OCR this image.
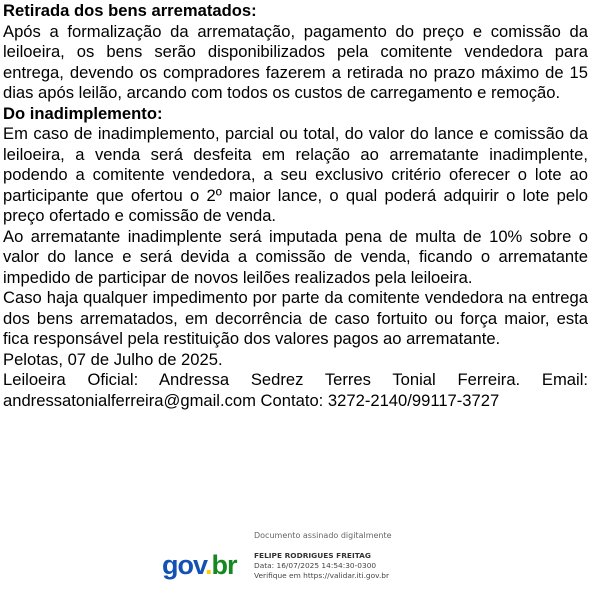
Retirada dos bens arrematados:

Após a formalização da arrematação, pagamento do preço e comissão da leiloeira, os bens serão disponibilizados pela comitente vendedora para entrega, devendo os compradores fazerem a retirada no prazo máximo de 15 dias após leilão, arcando com todos os custos de carregamento e remoção.

Do inadimplemento:

Em caso de inadimplemento, parcial ou total, do valor do lance e comissão da leiloeira, a venda será desfeita em relação ao arrematante inadimplente, podendo a comitente vendedora, a seu exclusivo critério oferecer o lote ao participante que ofertou o 2º maior lance, o qual poderá adquirir o lote pelo preço ofertado e comissão de venda.

Ao arrematante inadimplente será imputada pena de multa de 10% sobre o valor do lance e será devida a comissão de venda, ficando o arrematante impedido de participar de novos leilões realizados pela leiloeira.

Caso haja qualquer impedimento por parte da comitente vendedora na entrega dos bens arrematados, em decorrência de caso fortuito ou força maior, esta fica responsável pela restituição dos valores pagos ao arrematante.

Pelotas, 07 de Julho de 2025.

Leiloeira Oficial: Andressa Sedrez Terres Tonial Ferreira. Email: andressatonialferreira@gmail.com Contato: 3272-2140/99117-3727

gov.br
Documento assinado digitalmente
FELIPE RODRIGUES FREITAG
Data: 16/07/2025 14:54:30-0300
Verifique em https://validar.iti.gov.br
